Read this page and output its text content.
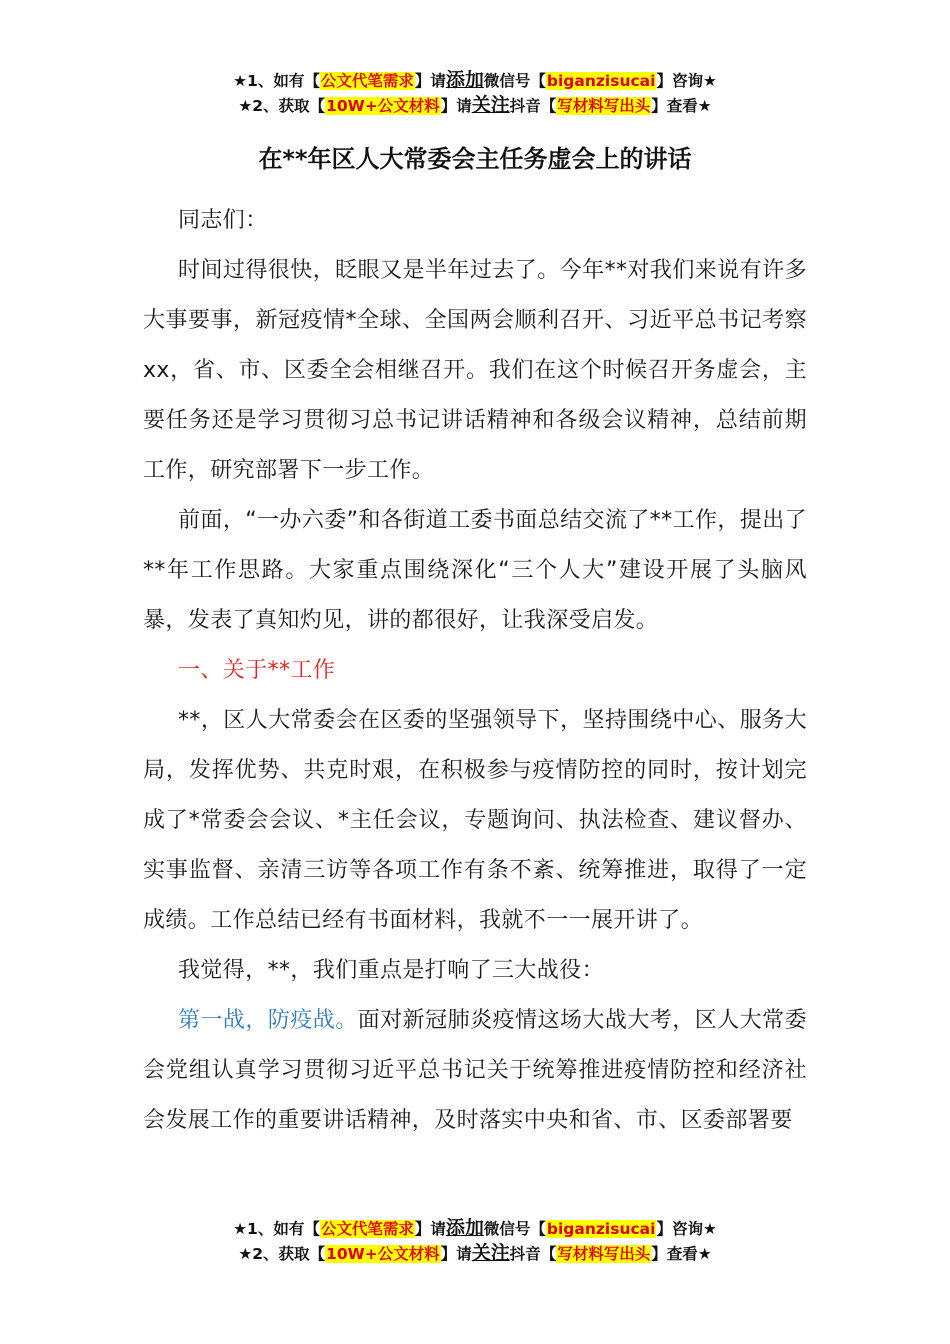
★1、如有【公文代笔需求】请添加微信号【biganzisucai】咨询★
★2、获取【10W+公文材料】请关注抖音【写材料写出头】查看★
在**年区人大常委会主任务虚会上的讲话

同志们：

时间过得很快，眨眼又是半年过去了。今年**对我们来说有许多大事要事，新冠疫情*全球、全国两会顺利召开、习近平总书记考察xx，省、市、区委全会相继召开。我们在这个时候召开务虚会，主要任务还是学习贯彻习总书记讲话精神和各级会议精神，总结前期工作，研究部署下一步工作。

前面，“一办六委”和各街道工委书面总结交流了**工作，提出了**年工作思路。大家重点围绕深化“三个人大”建设开展了头脑风暴，发表了真知灼见，讲的都很好，让我深受启发。

一、关于**工作

**，区人大常委会在区委的坚强领导下，坚持围绕中心、服务大局，发挥优势、共克时艰，在积极参与疫情防控的同时，按计划完成了*常委会会议、*主任会议，专题询问、执法检查、建议督办、实事监督、亲清三访等各项工作有条不紊、统筹推进，取得了一定成绩。工作总结已经有书面材料，我就不一一展开讲了。

我觉得，**，我们重点是打响了三大战役：

第一战，防疫战。面对新冠肺炎疫情这场大战大考，区人大常委会党组认真学习贯彻习近平总书记关于统筹推进疫情防控和经济社会发展工作的重要讲话精神，及时落实中央和省、市、区委部署要

★1、如有【公文代笔需求】请添加微信号【biganzisucai】咨询★
★2、获取【10W+公文材料】请关注抖音【写材料写出头】查看★
